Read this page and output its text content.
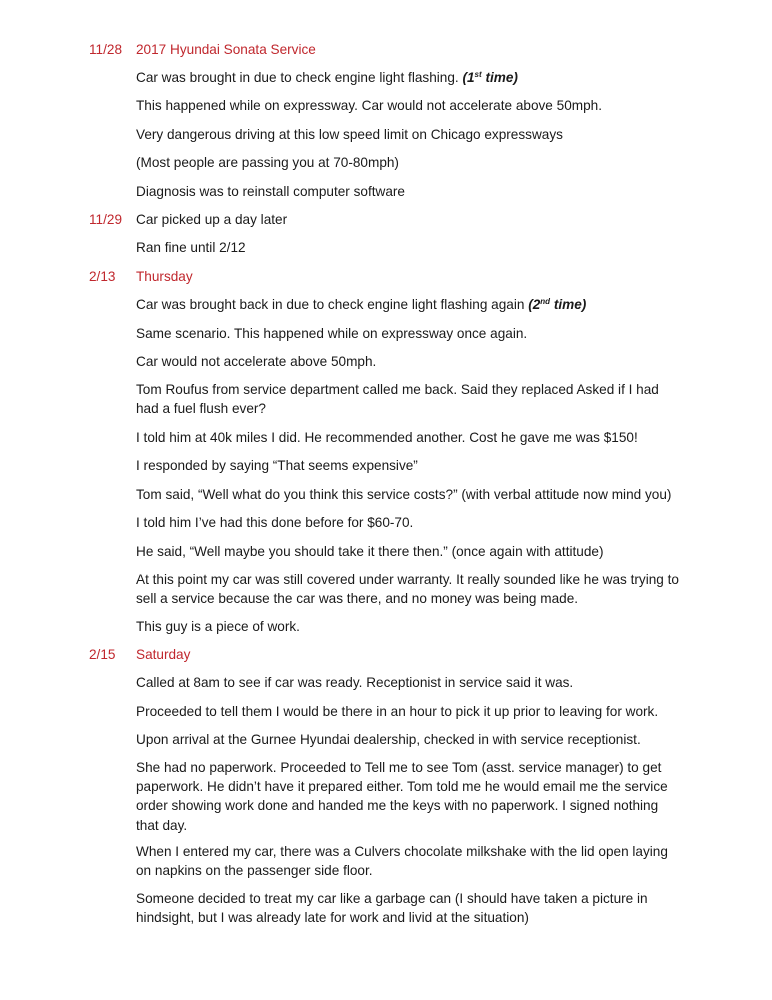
11/28 2017 Hyundai Sonata Service
Car was brought in due to check engine light flashing. (1st time)
This happened while on expressway. Car would not accelerate above 50mph.
Very dangerous driving at this low speed limit on Chicago expressways
(Most people are passing you at 70-80mph)
Diagnosis was to reinstall computer software
11/29 Car picked up a day later
Ran fine until 2/12
2/13 Thursday
Car was brought back in due to check engine light flashing again (2nd time)
Same scenario. This happened while on expressway once again.
Car would not accelerate above 50mph.
Tom Roufus from service department called me back. Said they replaced Asked if I had had a fuel flush ever?
I told him at 40k miles I did. He recommended another. Cost he gave me was $150!
I responded by saying “That seems expensive”
Tom said, “Well what do you think this service costs?” (with verbal attitude now mind you)
I told him I’ve had this done before for $60-70.
He said, “Well maybe you should take it there then.” (once again with attitude)
At this point my car was still covered under warranty. It really sounded like he was trying to sell a service because the car was there, and no money was being made.
This guy is a piece of work.
2/15 Saturday
Called at 8am to see if car was ready. Receptionist in service said it was.
Proceeded to tell them I would be there in an hour to pick it up prior to leaving for work.
Upon arrival at the Gurnee Hyundai dealership, checked in with service receptionist.
She had no paperwork. Proceeded to Tell me to see Tom (asst. service manager) to get paperwork. He didn’t have it prepared either. Tom told me he would email me the service order showing work done and handed me the keys with no paperwork. I signed nothing that day.
When I entered my car, there was a Culvers chocolate milkshake with the lid open laying on napkins on the passenger side floor.
Someone decided to treat my car like a garbage can (I should have taken a picture in hindsight, but I was already late for work and livid at the situation)
